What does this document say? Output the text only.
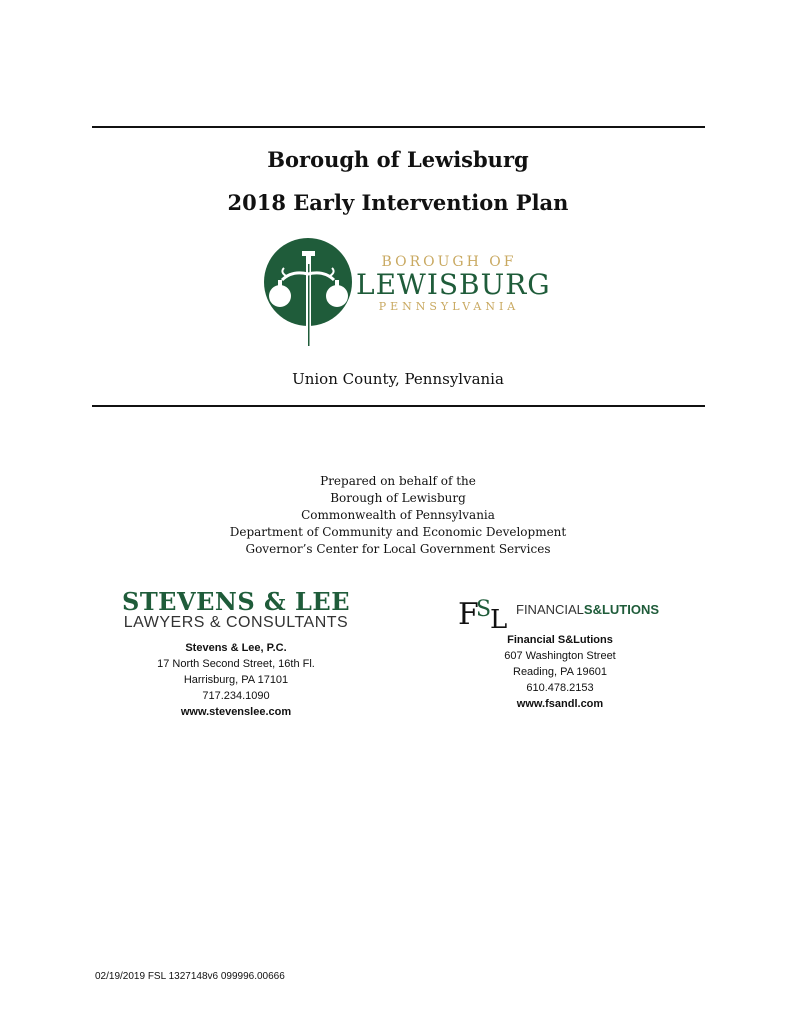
Borough of Lewisburg
2018 Early Intervention Plan
BOROUGH OF
LEWISBURG
PENNSYLVANIA
Union County, Pennsylvania
Prepared on behalf of the
Borough of Lewisburg
Commonwealth of Pennsylvania
Department of Community and Economic Development
Governor’s Center for Local Government Services
STEVENS & LEE
LAWYERS & CONSULTANTS
Stevens & Lee, P.C.
17 North Second Street, 16th Fl.
Harrisburg, PA 17101
717.234.1090
www.stevenslee.com
F
S
L FINANCIALS&LUTIONS
Financial S&Lutions
607 Washington Street
Reading, PA 19601
610.478.2153
www.fsandl.com
02/19/2019 FSL 1327148v6 099996.00666
